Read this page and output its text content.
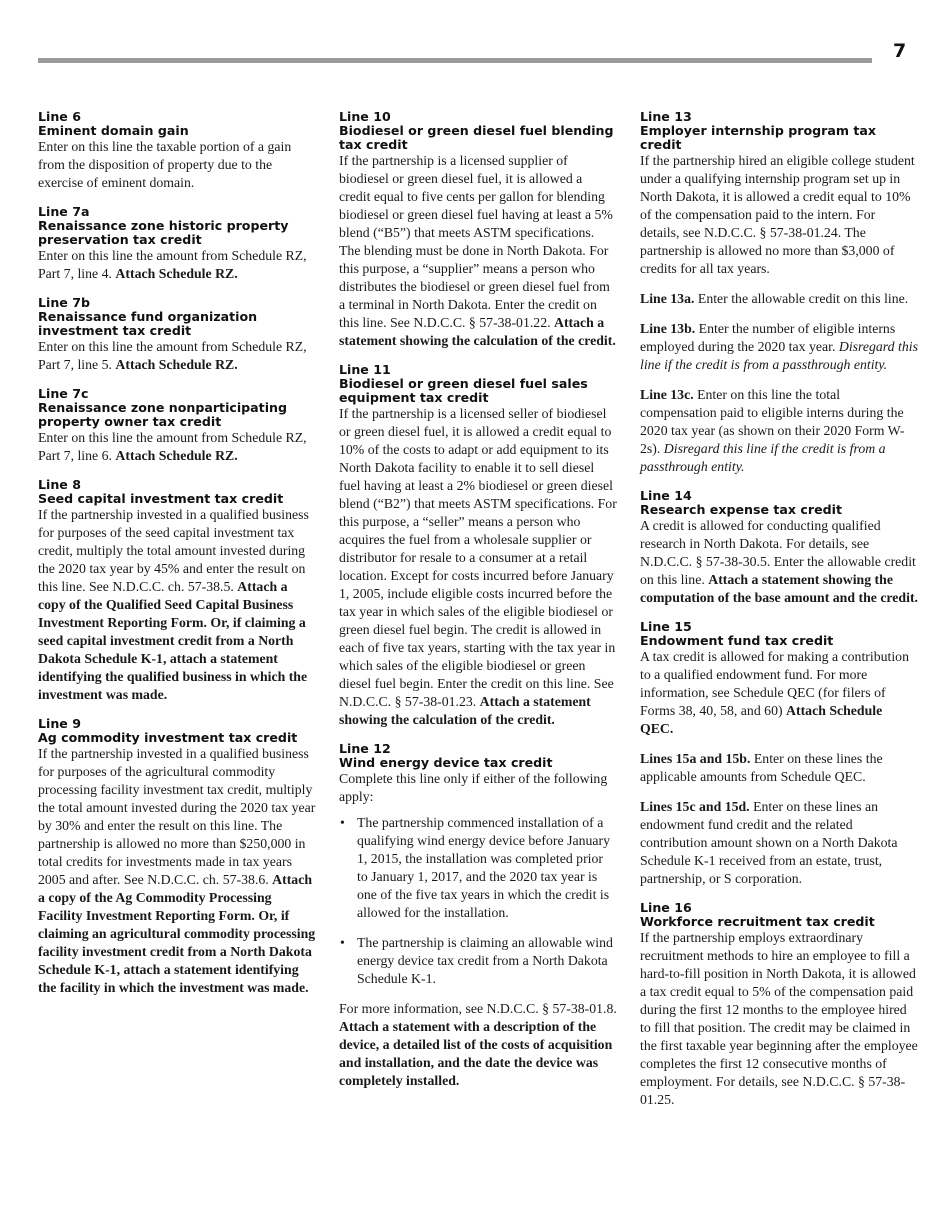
7
Line 6
Eminent domain gain

Enter on this line the taxable portion of a gain from the disposition of property due to the exercise of eminent domain.

Line 7a
Renaissance zone historic property preservation tax credit

Enter on this line the amount from Schedule RZ, Part 7, line 4. Attach Schedule RZ.

Line 7b
Renaissance fund organization investment tax credit

Enter on this line the amount from Schedule RZ, Part 7, line 5. Attach Schedule RZ.

Line 7c
Renaissance zone nonparticipating property owner tax credit

Enter on this line the amount from Schedule RZ, Part 7, line 6. Attach Schedule RZ.

Line 8
Seed capital investment tax credit

If the partnership invested in a qualified business for purposes of the seed capital investment tax credit, multiply the total amount invested during the 2020 tax year by 45% and enter the result on this line. See N.D.C.C. ch. 57-38.5. Attach a copy of the Qualified Seed Capital Business Investment Reporting Form. Or, if claiming a seed capital investment credit from a North Dakota Schedule K-1, attach a statement identifying the qualified business in which the investment was made.

Line 9
Ag commodity investment tax credit

If the partnership invested in a qualified business for purposes of the agricultural commodity processing facility investment tax credit, multiply the total amount invested during the 2020 tax year by 30% and enter the result on this line. The partnership is allowed no more than $250,000 in total credits for investments made in tax years 2005 and after. See N.D.C.C. ch. 57-38.6. Attach a copy of the Ag Commodity Processing Facility Investment Reporting Form. Or, if claiming an agricultural commodity processing facility investment credit from a North Dakota Schedule K-1, attach a statement identifying the facility in which the investment was made.

Line 10
Biodiesel or green diesel fuel blending tax credit

If the partnership is a licensed supplier of biodiesel or green diesel fuel, it is allowed a credit equal to five cents per gallon for blending biodiesel or green diesel fuel having at least a 5% blend (“B5”) that meets ASTM specifications. The blending must be done in North Dakota. For this purpose, a “supplier” means a person who distributes the biodiesel or green diesel fuel from a terminal in North Dakota. Enter the credit on this line. See N.D.C.C. § 57-38-01.22. Attach a statement showing the calculation of the credit.

Line 11
Biodiesel or green diesel fuel sales equipment tax credit

If the partnership is a licensed seller of biodiesel or green diesel fuel, it is allowed a credit equal to 10% of the costs to adapt or add equipment to its North Dakota facility to enable it to sell diesel fuel having at least a 2% biodiesel or green diesel blend (“B2”) that meets ASTM specifications. For this purpose, a “seller” means a person who acquires the fuel from a wholesale supplier or distributor for resale to a consumer at a retail location. Except for costs incurred before January 1, 2005, include eligible costs incurred before the tax year in which sales of the eligible biodiesel or green diesel fuel begin. The credit is allowed in each of five tax years, starting with the tax year in which sales of the eligible biodiesel or green diesel fuel begin. Enter the credit on this line. See N.D.C.C. § 57-38-01.23. Attach a statement showing the calculation of the credit.

Line 12
Wind energy device tax credit

Complete this line only if either of the following apply:

• The partnership commenced installation of a qualifying wind energy device before January 1, 2015, the installation was completed prior to January 1, 2017, and the 2020 tax year is one of the five tax years in which the credit is allowed for the installation.
• The partnership is claiming an allowable wind energy device tax credit from a North Dakota Schedule K-1.

For more information, see N.D.C.C. § 57-38-01.8. Attach a statement with a description of the device, a detailed list of the costs of acquisition and installation, and the date the device was completely installed.

Line 13
Employer internship program tax credit

If the partnership hired an eligible college student under a qualifying internship program set up in North Dakota, it is allowed a credit equal to 10% of the compensation paid to the intern. For details, see N.D.C.C. § 57-38-01.24. The partnership is allowed no more than $3,000 of credits for all tax years.

Line 13a. Enter the allowable credit on this line.

Line 13b. Enter the number of eligible interns employed during the 2020 tax year. Disregard this line if the credit is from a passthrough entity.

Line 13c. Enter on this line the total compensation paid to eligible interns during the 2020 tax year (as shown on their 2020 Form W-2s). Disregard this line if the credit is from a passthrough entity.

Line 14
Research expense tax credit

A credit is allowed for conducting qualified research in North Dakota. For details, see N.D.C.C. § 57-38-30.5. Enter the allowable credit on this line. Attach a statement showing the computation of the base amount and the credit.

Line 15
Endowment fund tax credit

A tax credit is allowed for making a contribution to a qualified endowment fund. For more information, see Schedule QEC (for filers of Forms 38, 40, 58, and 60) Attach Schedule QEC.

Lines 15a and 15b. Enter on these lines the applicable amounts from Schedule QEC.

Lines 15c and 15d. Enter on these lines an endowment fund credit and the related contribution amount shown on a North Dakota Schedule K-1 received from an estate, trust, partnership, or S corporation.

Line 16
Workforce recruitment tax credit

If the partnership employs extraordinary recruitment methods to hire an employee to fill a hard-to-fill position in North Dakota, it is allowed a tax credit equal to 5% of the compensation paid during the first 12 months to the employee hired to fill that position. The credit may be claimed in the first taxable year beginning after the employee completes the first 12 consecutive months of employment. For details, see N.D.C.C. § 57-38-01.25.
